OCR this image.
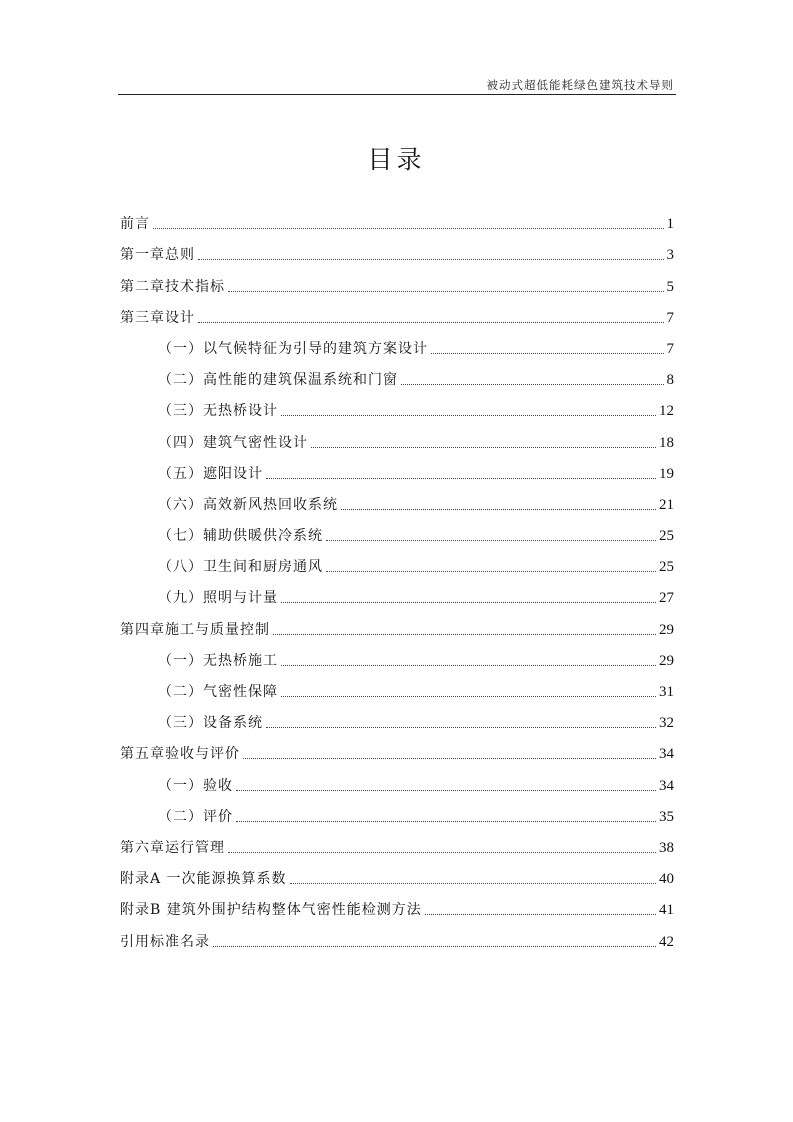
被动式超低能耗绿色建筑技术导则
目录
前言	1
第一章总则	3
第二章技术指标	5
第三章设计	7
（一）以气候特征为引导的建筑方案设计	7
（二）高性能的建筑保温系统和门窗	8
（三）无热桥设计	12
（四）建筑气密性设计	18
（五）遮阳设计	19
（六）高效新风热回收系统	21
（七）辅助供暖供冷系统	25
（八）卫生间和厨房通风	25
（九）照明与计量	27
第四章施工与质量控制	29
（一）无热桥施工	29
（二）气密性保障	31
（三）设备系统	32
第五章验收与评价	34
（一）验收	34
（二）评价	35
第六章运行管理	38
附录A 一次能源换算系数	40
附录B 建筑外围护结构整体气密性能检测方法	41
引用标准名录	42
